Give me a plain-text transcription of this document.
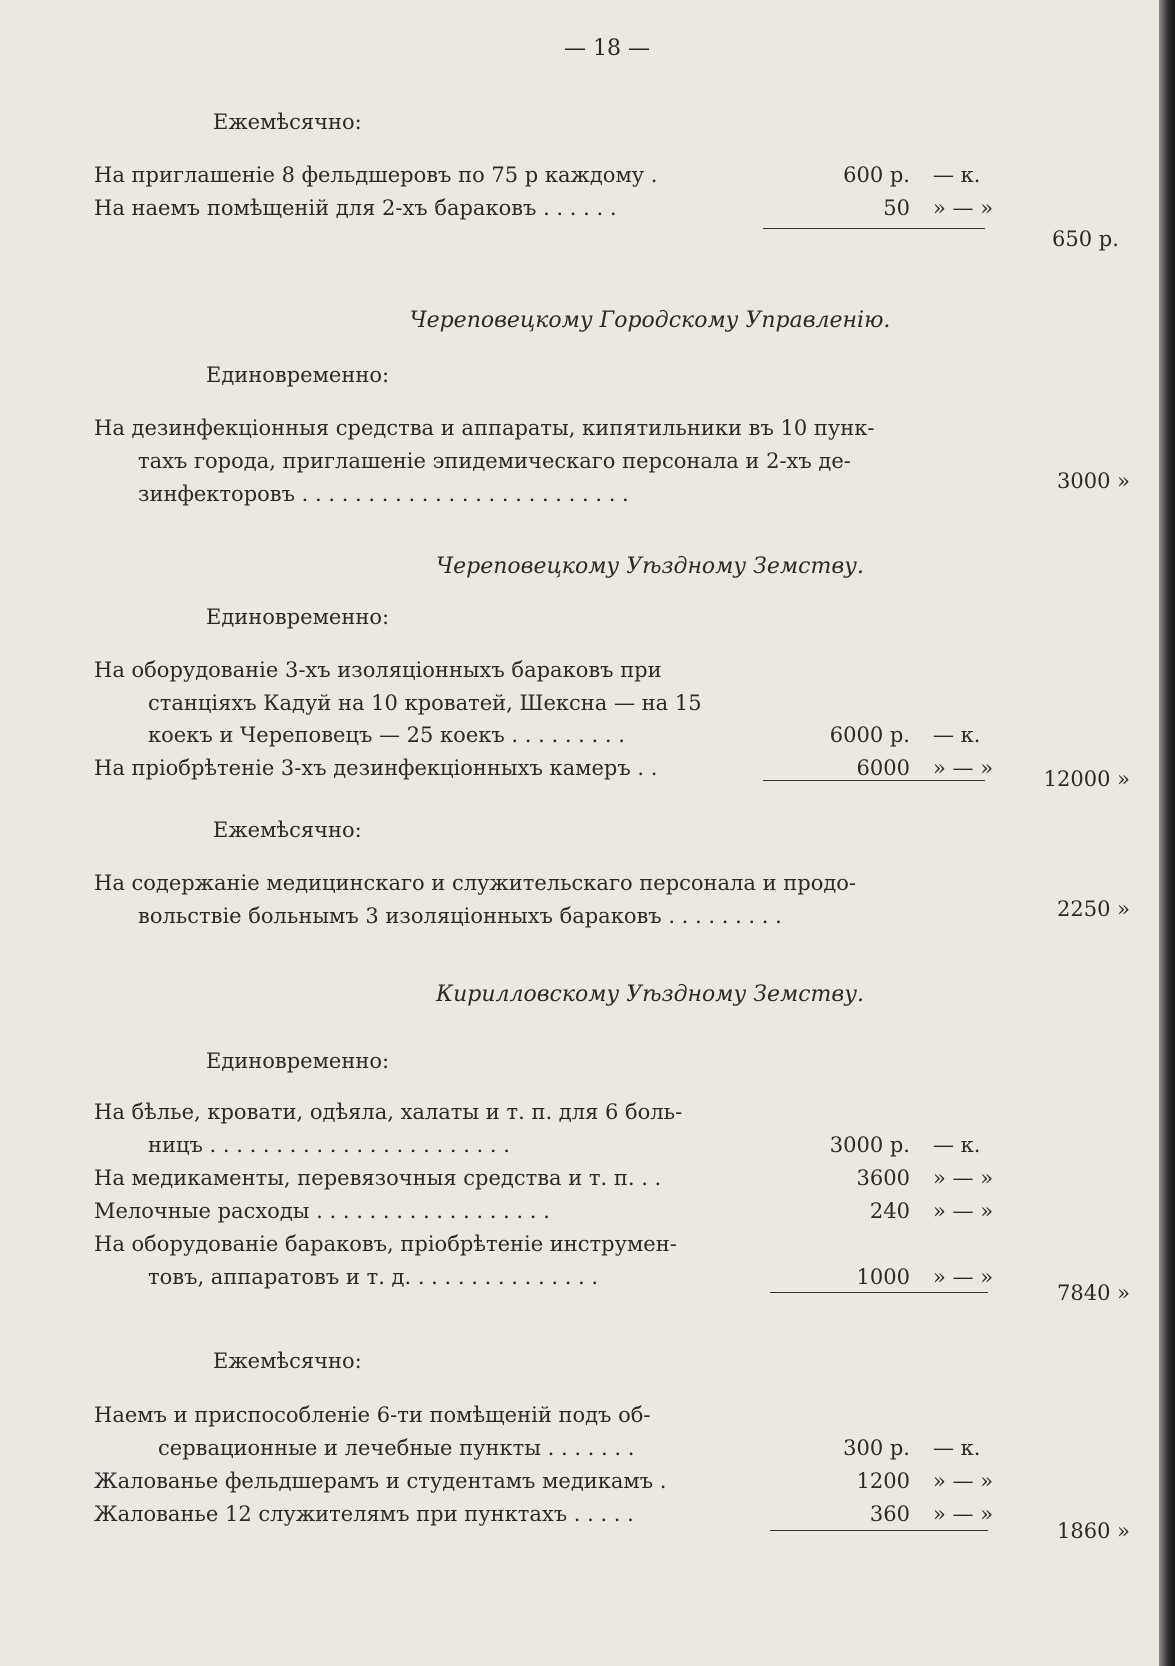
— 18 —
Ежемѣсячно:
На приглашеніе 8 фельдшеровъ по 75 р каждому .	600 р. — к.
На наемъ помѣщеній для 2-хъ бараковъ . . . . . .	50 » — »
650 р.
Череповецкому Городскому Управленію.
Единовременно:
На дезинфекціонныя средства и аппараты, кипятильники въ 10 пунк-
тахъ города, приглашеніе эпидемическаго персонала и 2-хъ де-
зинфекторовъ . . . . . . . . . . . . . . . . . . . . . . . . .
3000 »
Череповецкому Уѣздному Земству.
Единовременно:
На оборудованіе 3-хъ изоляціонныхъ бараковъ при
станціяхъ Кадуй на 10 кроватей, Шексна — на 15
коекъ и Череповецъ — 25 коекъ . . . . . . . . .	6000 р. — к.
На пріобрѣтеніе 3-хъ дезинфекціонныхъ камеръ . .	6000 » — »	12000 »
Ежемѣсячно:
На содержаніе медицинскаго и служительскаго персонала и продо-
вольствіе больнымъ 3 изоляціонныхъ бараковъ . . . . . . . . .	2250 »
Кирилловскому Уѣздному Земству.
Единовременно:
На бѣлье, кровати, одѣяла, халаты и т. п. для 6 боль-
ницъ . . . . . . . . . . . . . . . . . . . . . . .	3000 р. — к.
На медикаменты, перевязочныя средства и т. п. . .	3600 » — »
Мелочные расходы . . . . . . . . . . . . . . . . . .	240 » — »
На оборудованіе бараковъ, пріобрѣтеніе инструмен-
товъ, аппаратовъ и т. д. . . . . . . . . . . . . . .	1000 » — »
7840 »
Ежемѣсячно:
Наемъ и приспособленіе 6-ти помѣщеній подъ об-
сервационные и лечебные пункты . . . . . . .	300 р. — к.
Жалованье фельдшерамъ и студентамъ медикамъ .	1200 » — »
Жалованье 12 служителямъ при пунктахъ . . . . .	360 » — »
1860 »
